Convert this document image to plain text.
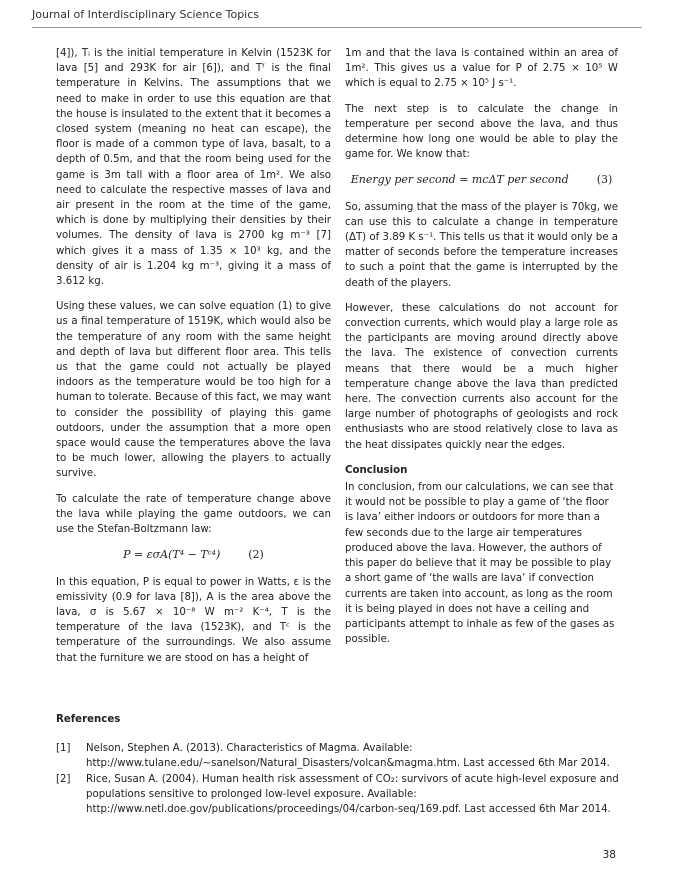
Journal of Interdisciplinary Science Topics

[4]), Tᵢ is the initial temperature in Kelvin (1523K for lava [5] and 293K for air [6]), and Tᶠ is the final temperature in Kelvins. The assumptions that we need to make in order to use this equation are that the house is insulated to the extent that it becomes a closed system (meaning no heat can escape), the floor is made of a common type of lava, basalt, to a depth of 0.5m, and that the room being used for the game is 3m tall with a floor area of 1m². We also need to calculate the respective masses of lava and air present in the room at the time of the game, which is done by multiplying their densities by their volumes. The density of lava is 2700 kg m⁻³ [7] which gives it a mass of 1.35 × 10³ kg, and the density of air is 1.204 kg m⁻³, giving it a mass of 3.612 kg.

Using these values, we can solve equation (1) to give us a final temperature of 1519K, which would also be the temperature of any room with the same height and depth of lava but different floor area. This tells us that the game could not actually be played indoors as the temperature would be too high for a human to tolerate. Because of this fact, we may want to consider the possibility of playing this game outdoors, under the assumption that a more open space would cause the temperatures above the lava to be much lower, allowing the players to actually survive.

To calculate the rate of temperature change above the lava while playing the game outdoors, we can use the Stefan-Boltzmann law:

P = εσA(T⁴ − Tᶜ⁴)	(2)

In this equation, P is equal to power in Watts, ε is the emissivity (0.9 for lava [8]), A is the area above the lava, σ is 5.67 × 10⁻⁸ W m⁻² K⁻⁴, T is the temperature of the lava (1523K), and Tᶜ is the temperature of the surroundings. We also assume that the furniture we are stood on has a height of

1m and that the lava is contained within an area of 1m². This gives us a value for P of 2.75 × 10⁵ W which is equal to 2.75 × 10⁵ J s⁻¹.

The next step is to calculate the change in temperature per second above the lava, and thus determine how long one would be able to play the game for. We know that:

Energy per second = mcΔT per second	(3)

So, assuming that the mass of the player is 70kg, we can use this to calculate a change in temperature (ΔT) of 3.89 K s⁻¹. This tells us that it would only be a matter of seconds before the temperature increases to such a point that the game is interrupted by the death of the players.

However, these calculations do not account for convection currents, which would play a large role as the participants are moving around directly above the lava. The existence of convection currents means that there would be a much higher temperature change above the lava than predicted here. The convection currents also account for the large number of photographs of geologists and rock enthusiasts who are stood relatively close to lava as the heat dissipates quickly near the edges.

Conclusion

In conclusion, from our calculations, we can see that it would not be possible to play a game of ‘the floor is lava’ either indoors or outdoors for more than a few seconds due to the large air temperatures produced above the lava. However, the authors of this paper do believe that it may be possible to play a short game of ‘the walls are lava’ if convection currents are taken into account, as long as the room it is being played in does not have a ceiling and participants attempt to inhale as few of the gases as possible.

References
[1]	Nelson, Stephen A. (2013). Characteristics of Magma. Available: http://www.tulane.edu/~sanelson/Natural_Disasters/volcan&magma.htm. Last accessed 6th Mar 2014.
[2]	Rice, Susan A. (2004). Human health risk assessment of CO₂: survivors of acute high-level exposure and populations sensitive to prolonged low-level exposure. Available: http://www.netl.doe.gov/publications/proceedings/04/carbon-seq/169.pdf. Last accessed 6th Mar 2014.
38
